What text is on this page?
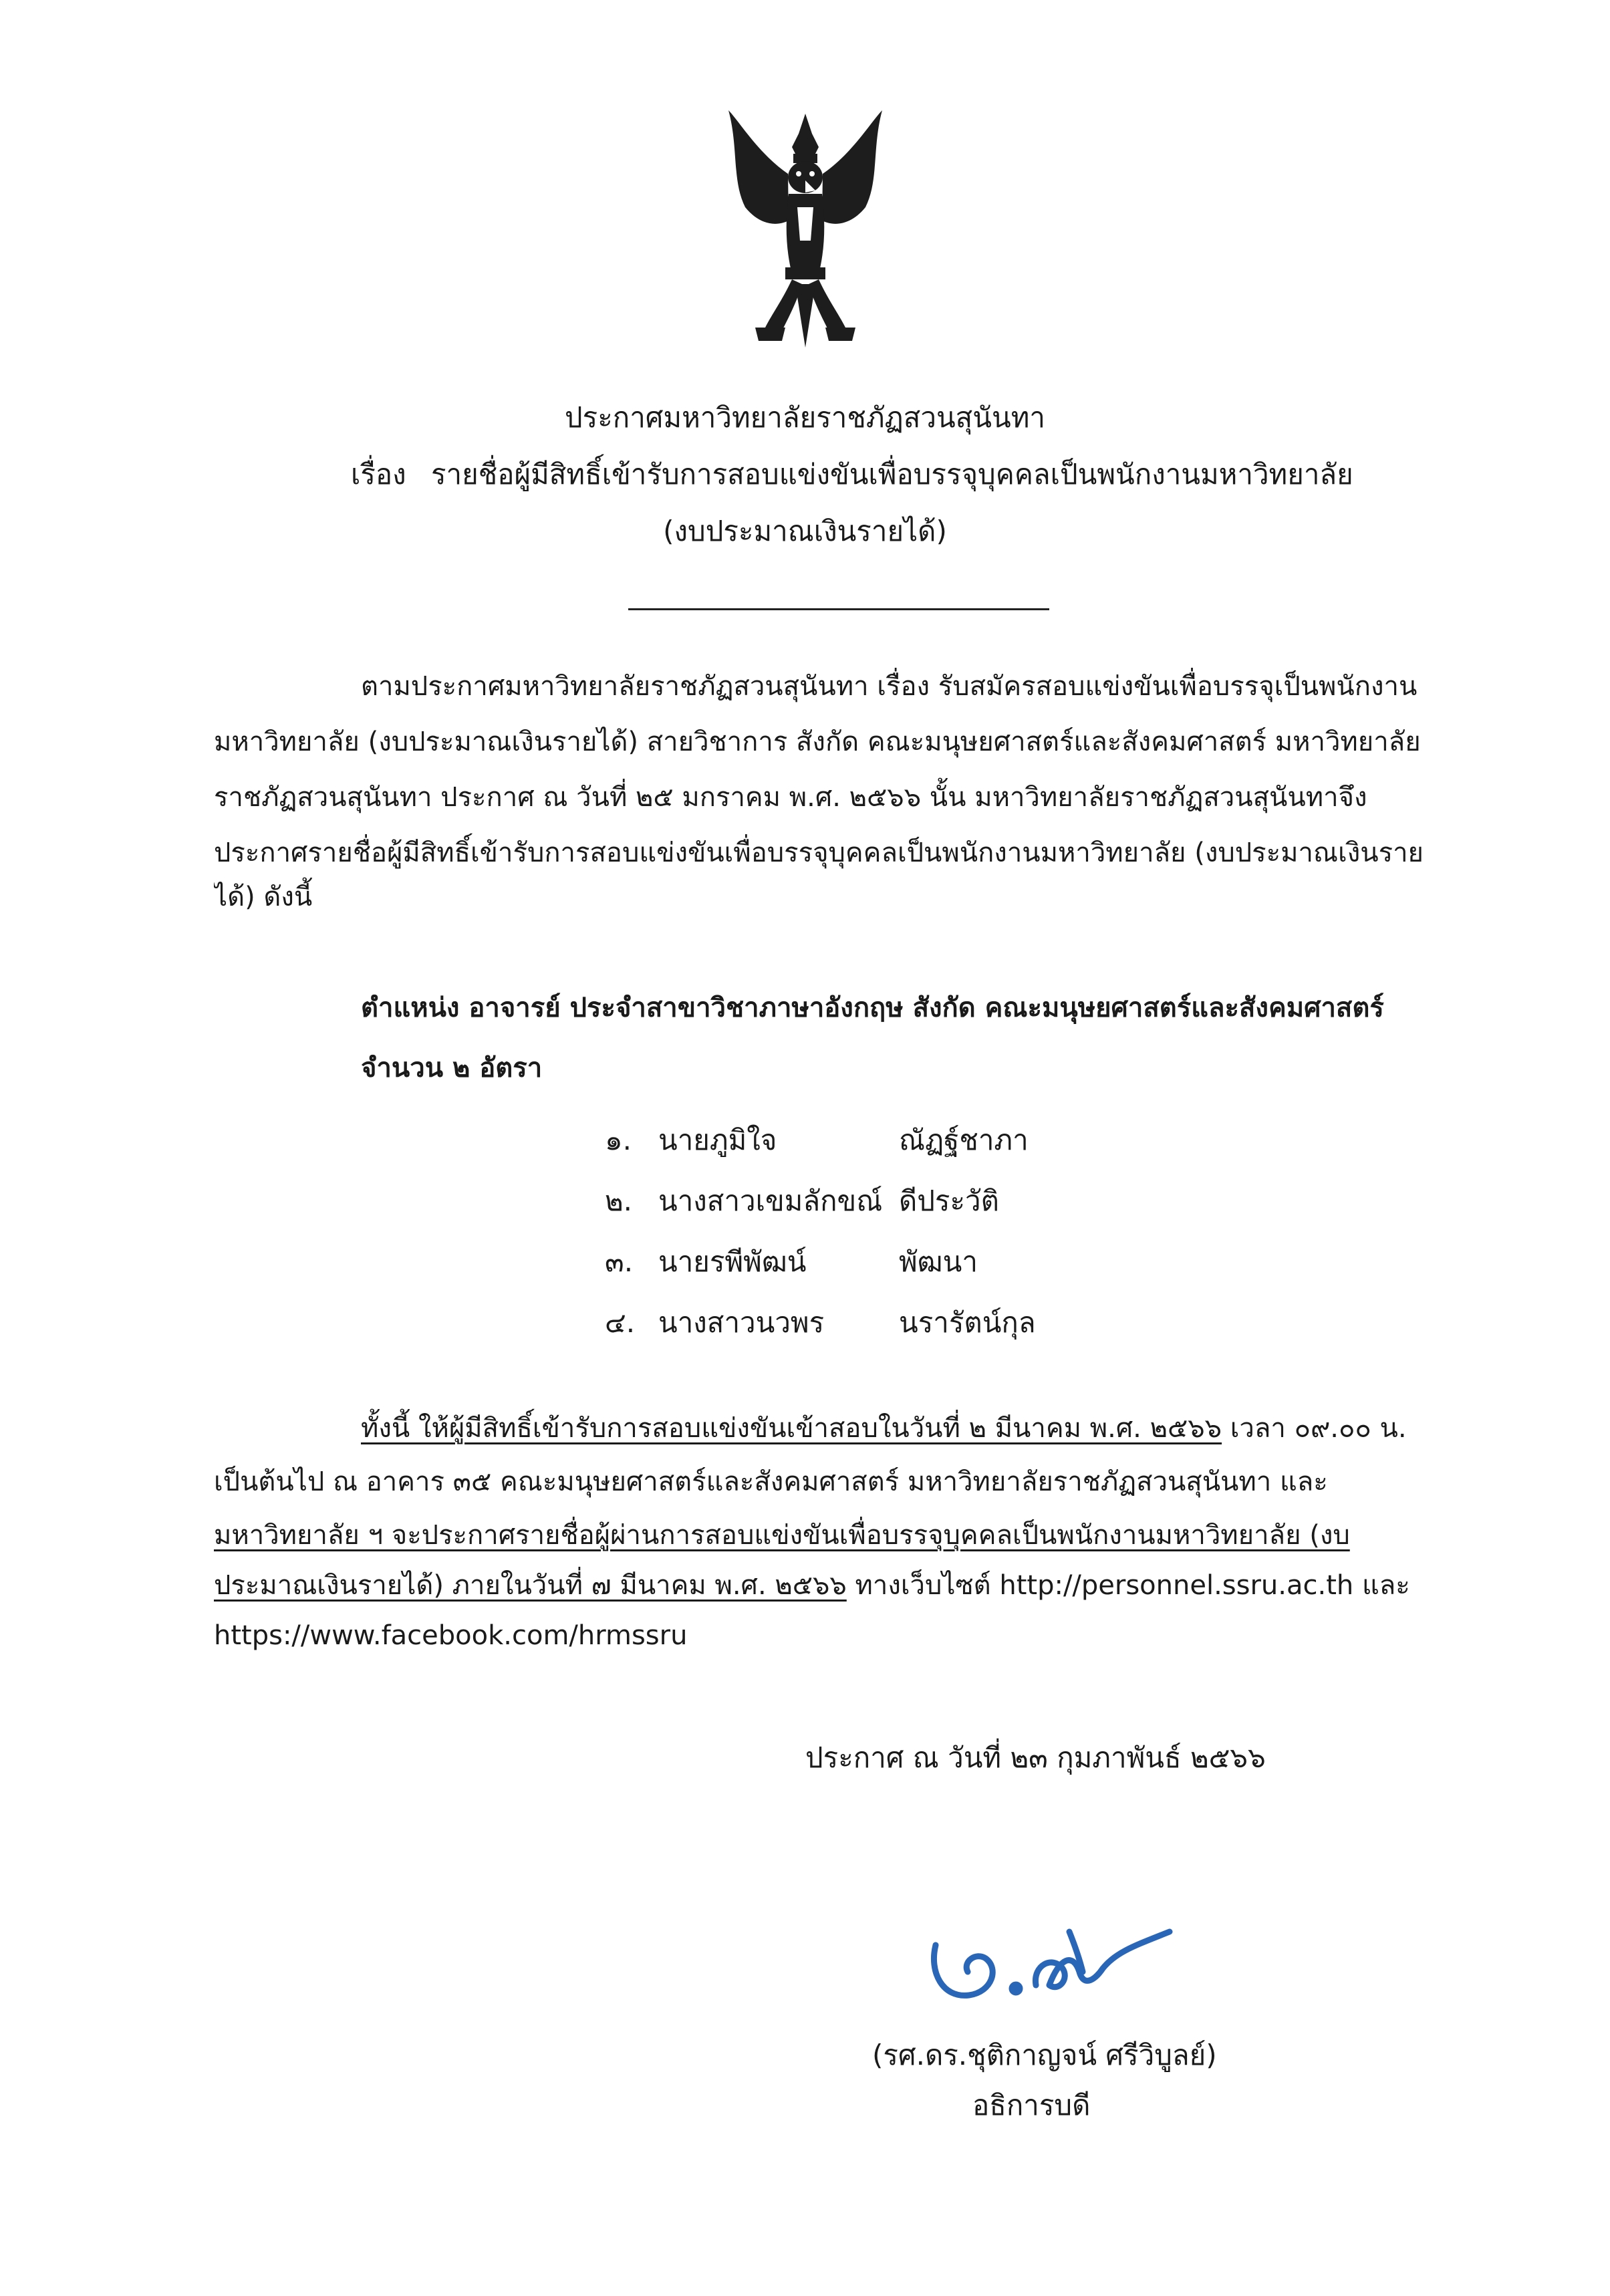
ประกาศมหาวิทยาลัยราชภัฏสวนสุนันทา
เรื่อง รายชื่อผู้มีสิทธิ์เข้ารับการสอบแข่งขันเพื่อบรรจุบุคคลเป็นพนักงานมหาวิทยาลัย
(งบประมาณเงินรายได้)
ตามประกาศมหาวิทยาลัยราชภัฏสวนสุนันทา เรื่อง รับสมัครสอบแข่งขันเพื่อบรรจุเป็นพนักงาน
มหาวิทยาลัย (งบประมาณเงินรายได้) สายวิชาการ สังกัด คณะมนุษยศาสตร์และสังคมศาสตร์ มหาวิทยาลัย
ราชภัฏสวนสุนันทา ประกาศ ณ วันที่ ๒๕ มกราคม พ.ศ. ๒๕๖๖ นั้น มหาวิทยาลัยราชภัฏสวนสุนันทาจึง
ประกาศรายชื่อผู้มีสิทธิ์เข้ารับการสอบแข่งขันเพื่อบรรจุบุคคลเป็นพนักงานมหาวิทยาลัย (งบประมาณเงินราย
ได้) ดังนี้
ตำแหน่ง อาจารย์ ประจำสาขาวิชาภาษาอังกฤษ สังกัด คณะมนุษยศาสตร์และสังคมศาสตร์
จำนวน ๒ อัตรา
๑. นายภูมิใจ	ณัฏฐ์ชาภา
๒. นางสาวเขมลักขณ์ ดีประวัติ
๓. นายรพีพัฒน์	พัฒนา
๔. นางสาวนวพร	นรารัตน์กุล
ทั้งนี้ ให้ผู้มีสิทธิ์เข้ารับการสอบแข่งขันเข้าสอบในวันที่ ๒ มีนาคม พ.ศ. ๒๕๖๖ เวลา ๐๙.๐๐ น.
เป็นต้นไป ณ อาคาร ๓๕ คณะมนุษยศาสตร์และสังคมศาสตร์ มหาวิทยาลัยราชภัฏสวนสุนันทา และ
มหาวิทยาลัย ฯ จะประกาศรายชื่อผู้ผ่านการสอบแข่งขันเพื่อบรรจุบุคคลเป็นพนักงานมหาวิทยาลัย (งบ
ประมาณเงินรายได้) ภายในวันที่ ๗ มีนาคม พ.ศ. ๒๕๖๖ ทางเว็บไซต์ http://personnel.ssru.ac.th และ
https://www.facebook.com/hrmssru
ประกาศ ณ วันที่ ๒๓ กุมภาพันธ์ ๒๕๖๖
(รศ.ดร.ชุติกาญจน์ ศรีวิบูลย์)
อธิการบดี
